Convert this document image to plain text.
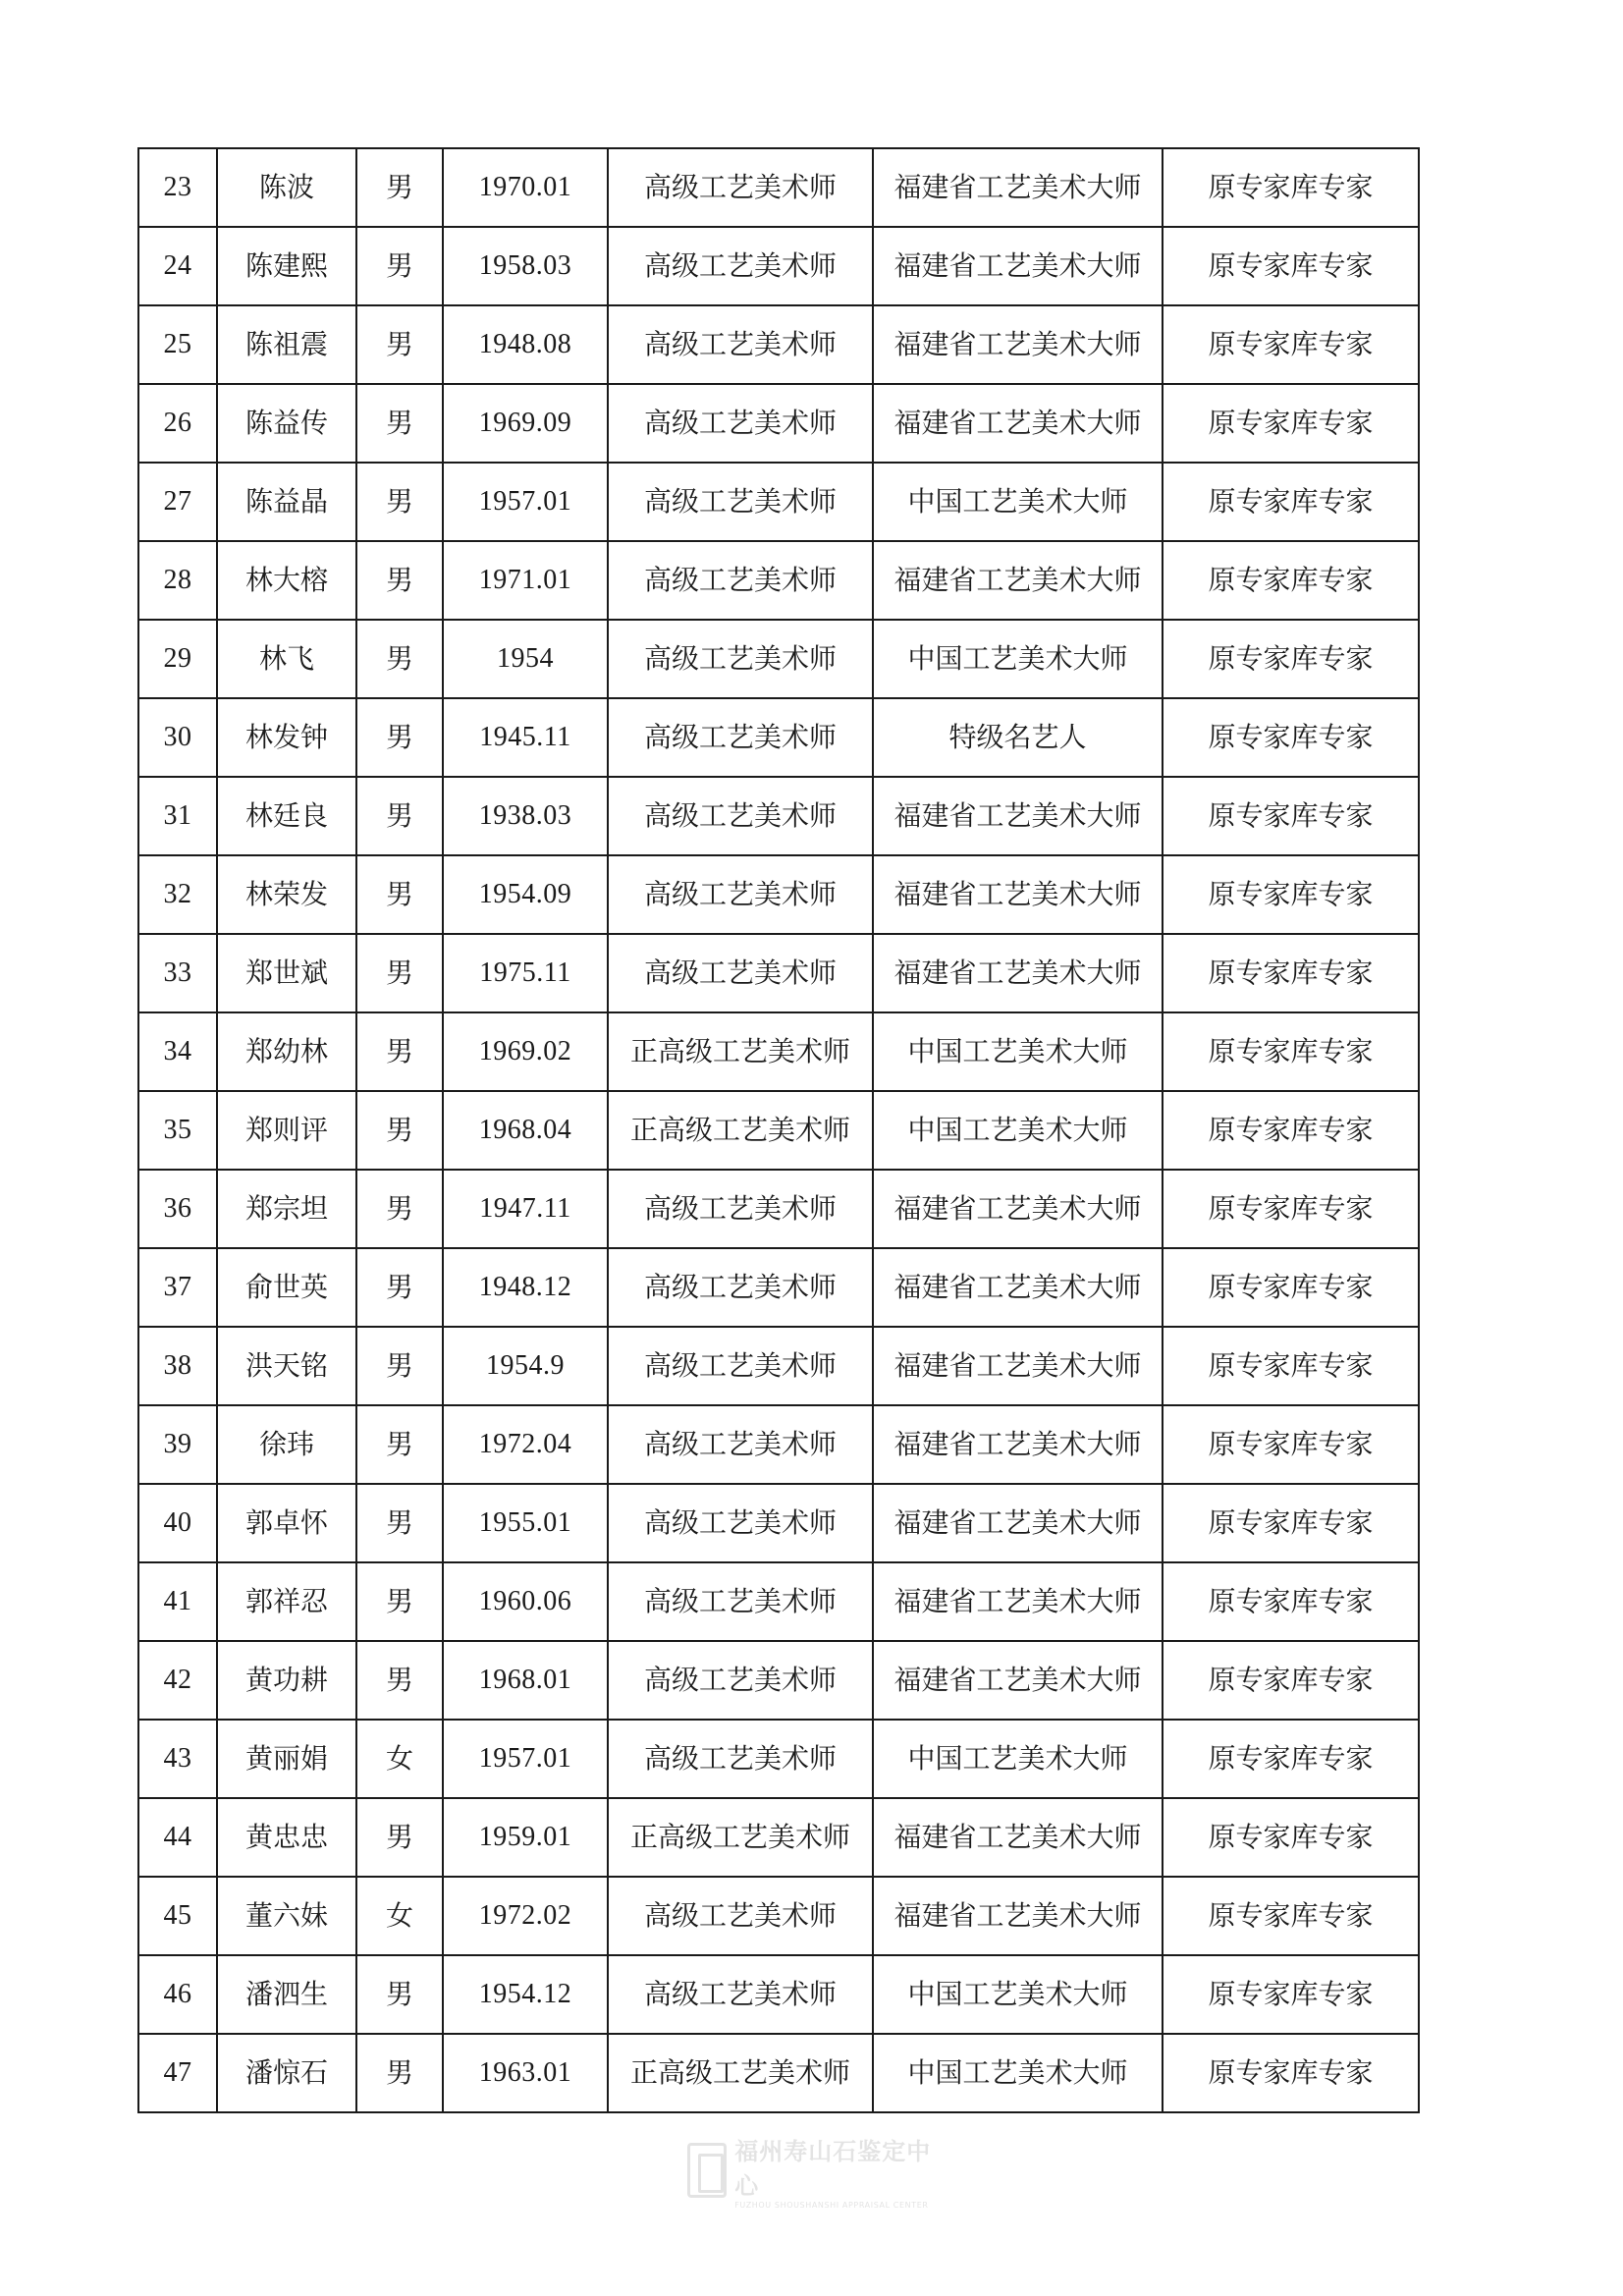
23	陈波	男	1970.01	高级工艺美术师	福建省工艺美术大师	原专家库专家
24	陈建熙	男	1958.03	高级工艺美术师	福建省工艺美术大师	原专家库专家
25	陈祖震	男	1948.08	高级工艺美术师	福建省工艺美术大师	原专家库专家
26	陈益传	男	1969.09	高级工艺美术师	福建省工艺美术大师	原专家库专家
27	陈益晶	男	1957.01	高级工艺美术师	中国工艺美术大师	原专家库专家
28	林大榕	男	1971.01	高级工艺美术师	福建省工艺美术大师	原专家库专家
29	林飞	男	1954	高级工艺美术师	中国工艺美术大师	原专家库专家
30	林发钟	男	1945.11	高级工艺美术师	特级名艺人	原专家库专家
31	林廷良	男	1938.03	高级工艺美术师	福建省工艺美术大师	原专家库专家
32	林荣发	男	1954.09	高级工艺美术师	福建省工艺美术大师	原专家库专家
33	郑世斌	男	1975.11	高级工艺美术师	福建省工艺美术大师	原专家库专家
34	郑幼林	男	1969.02	正高级工艺美术师	中国工艺美术大师	原专家库专家
35	郑则评	男	1968.04	正高级工艺美术师	中国工艺美术大师	原专家库专家
36	郑宗坦	男	1947.11	高级工艺美术师	福建省工艺美术大师	原专家库专家
37	俞世英	男	1948.12	高级工艺美术师	福建省工艺美术大师	原专家库专家
38	洪天铭	男	1954.9	高级工艺美术师	福建省工艺美术大师	原专家库专家
39	徐玮	男	1972.04	高级工艺美术师	福建省工艺美术大师	原专家库专家
40	郭卓怀	男	1955.01	高级工艺美术师	福建省工艺美术大师	原专家库专家
41	郭祥忍	男	1960.06	高级工艺美术师	福建省工艺美术大师	原专家库专家
42	黄功耕	男	1968.01	高级工艺美术师	福建省工艺美术大师	原专家库专家
43	黄丽娟	女	1957.01	高级工艺美术师	中国工艺美术大师	原专家库专家
44	黄忠忠	男	1959.01	正高级工艺美术师	福建省工艺美术大师	原专家库专家
45	董六妹	女	1972.02	高级工艺美术师	福建省工艺美术大师	原专家库专家
46	潘泗生	男	1954.12	高级工艺美术师	中国工艺美术大师	原专家库专家
47	潘惊石	男	1963.01	正高级工艺美术师	中国工艺美术大师	原专家库专家
福州寿山石鉴定中心
FUZHOU SHOUSHANSHI APPRAISAL CENTER
